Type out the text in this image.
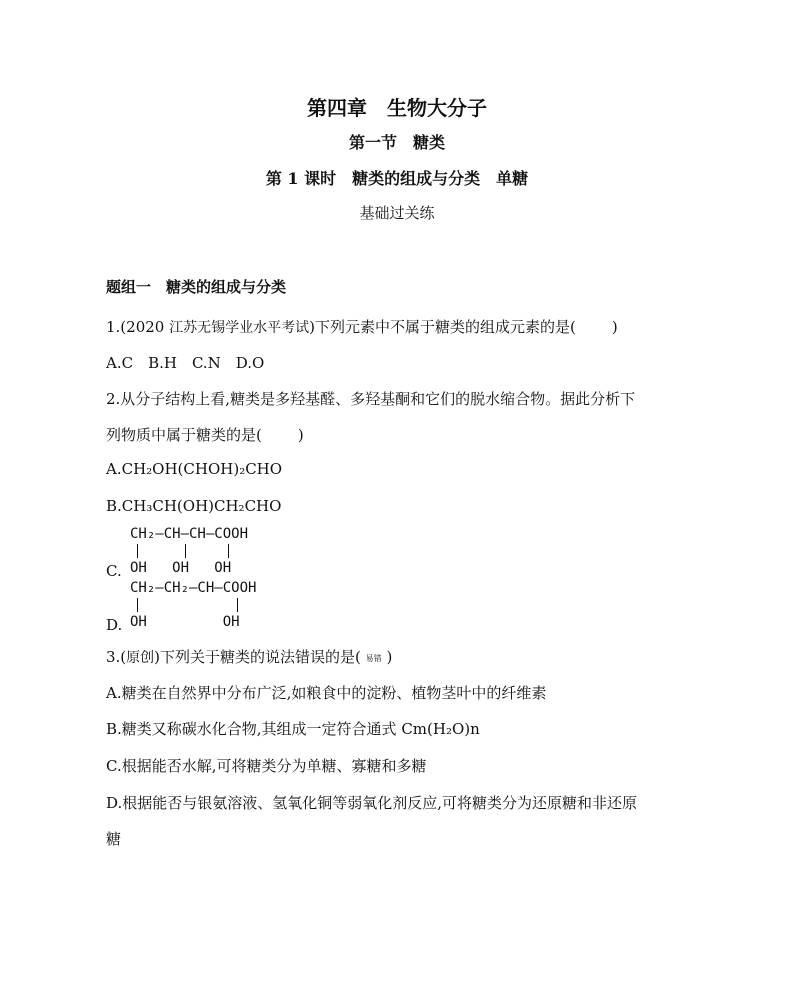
第四章　生物大分子
第一节　糖类
第 1 课时　糖类的组成与分类　单糖
基础过关练
题组一　糖类的组成与分类
1.(2020 江苏无锡学业水平考试)下列元素中不属于糖类的组成元素的是( )
A.C　B.H　C.N　D.O
2.从分子结构上看,糖类是多羟基醛、多羟基酮和它们的脱水缩合物。据此分析下
列物质中属于糖类的是( )
A.CH₂OH(CHOH)₂CHO
B.CH₃CH(OH)CH₂CHO
CH₂—CH—CH—COOH
C. OH   OH   OH
CH₂—CH₂—CH—COOH
D. OH         OH
3.(原创)下列关于糖类的说法错误的是( 易错 )
A.糖类在自然界中分布广泛,如粮食中的淀粉、植物茎叶中的纤维素
B.糖类又称碳水化合物,其组成一定符合通式 Cm(H₂O)n
C.根据能否水解,可将糖类分为单糖、寡糖和多糖
D.根据能否与银氨溶液、氢氧化铜等弱氧化剂反应,可将糖类分为还原糖和非还原
糖
